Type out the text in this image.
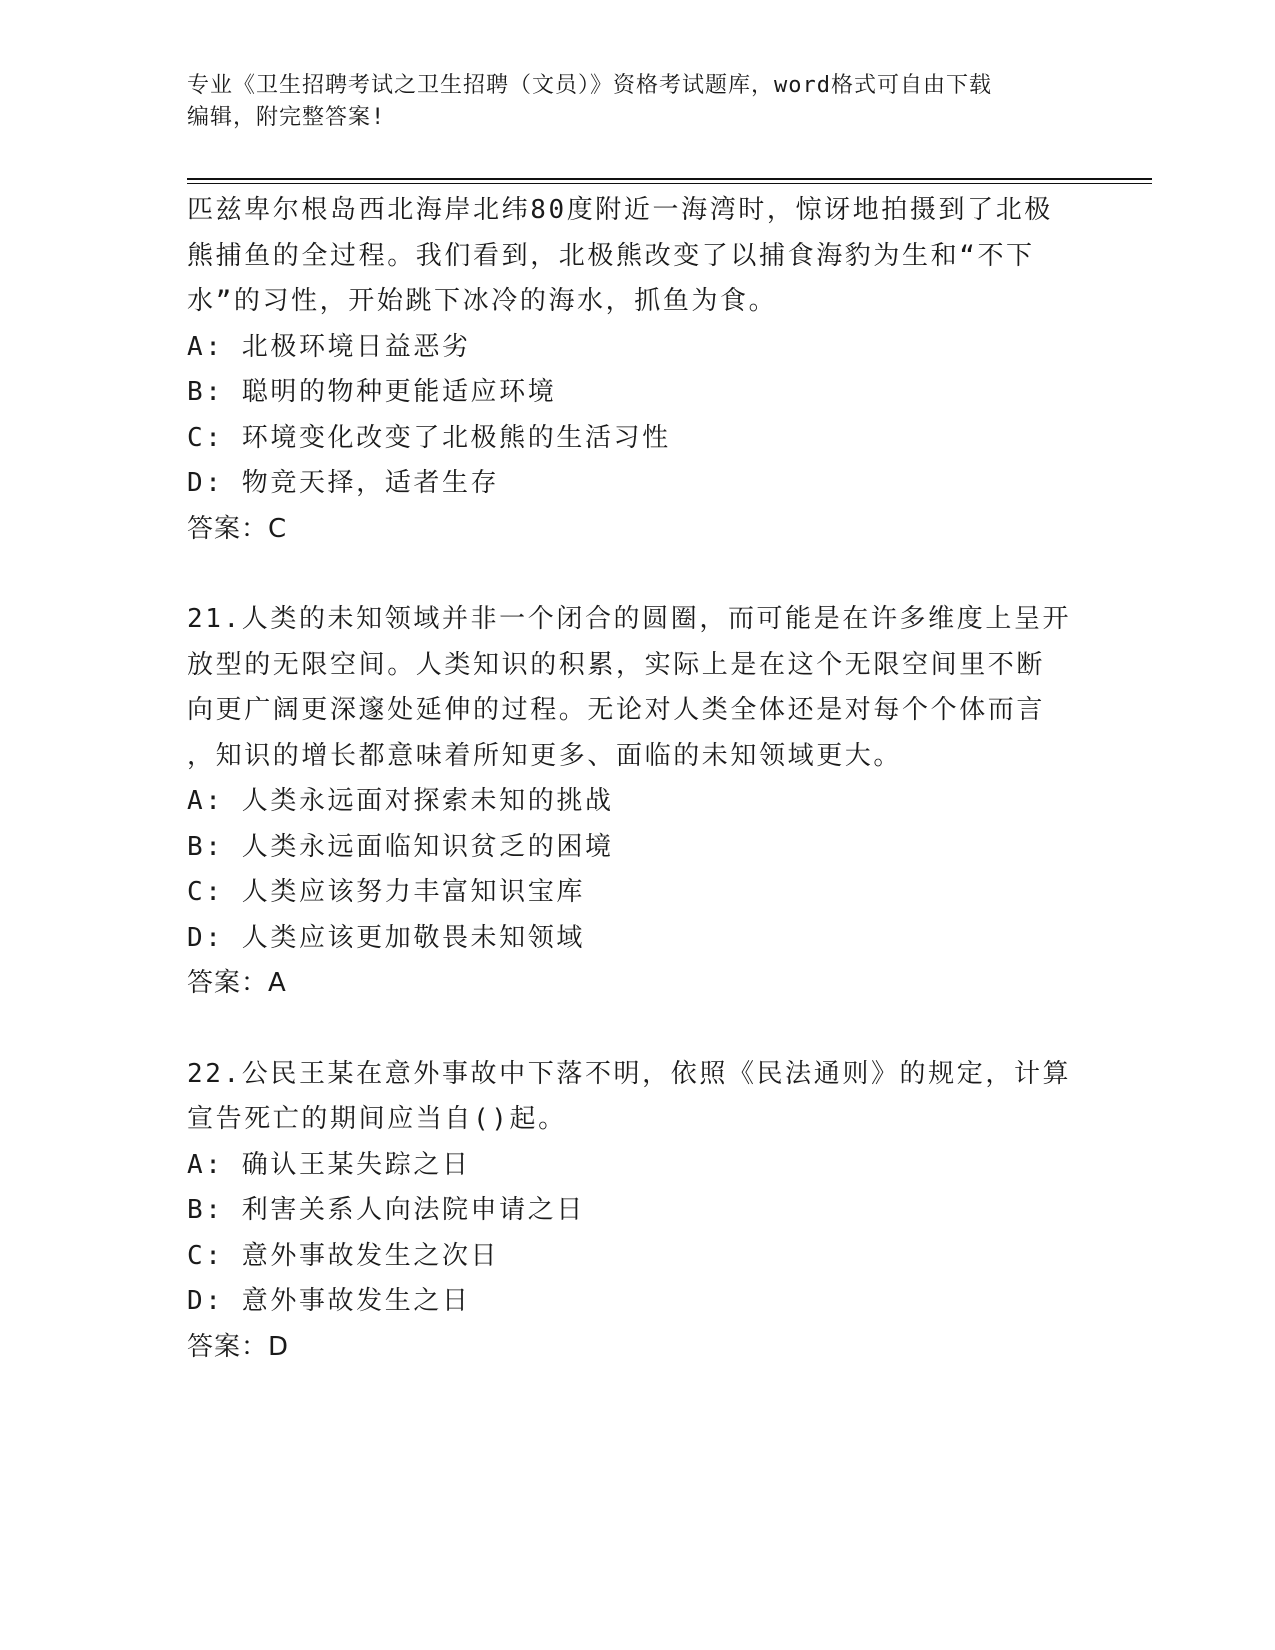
专业《卫生招聘考试之卫生招聘（文员）》资格考试题库，word格式可自由下载
编辑，附完整答案!

匹兹卑尔根岛西北海岸北纬80度附近一海湾时，惊讶地拍摄到了北极

熊捕鱼的全过程。我们看到，北极熊改变了以捕食海豹为生和“不下

水”的习性，开始跳下冰冷的海水，抓鱼为食。

A: 北极环境日益恶劣

B: 聪明的物种更能适应环境

C: 环境变化改变了北极熊的生活习性

D: 物竞天择，适者生存

答案：C

21.人类的未知领域并非一个闭合的圆圈，而可能是在许多维度上呈开

放型的无限空间。人类知识的积累，实际上是在这个无限空间里不断

向更广阔更深邃处延伸的过程。无论对人类全体还是对每个个体而言

，知识的增长都意味着所知更多、面临的未知领域更大。

A: 人类永远面对探索未知的挑战

B: 人类永远面临知识贫乏的困境

C: 人类应该努力丰富知识宝库

D: 人类应该更加敬畏未知领域

答案：A

22.公民王某在意外事故中下落不明，依照《民法通则》的规定，计算

宣告死亡的期间应当自()起。

A: 确认王某失踪之日

B: 利害关系人向法院申请之日

C: 意外事故发生之次日

D: 意外事故发生之日

答案：D
